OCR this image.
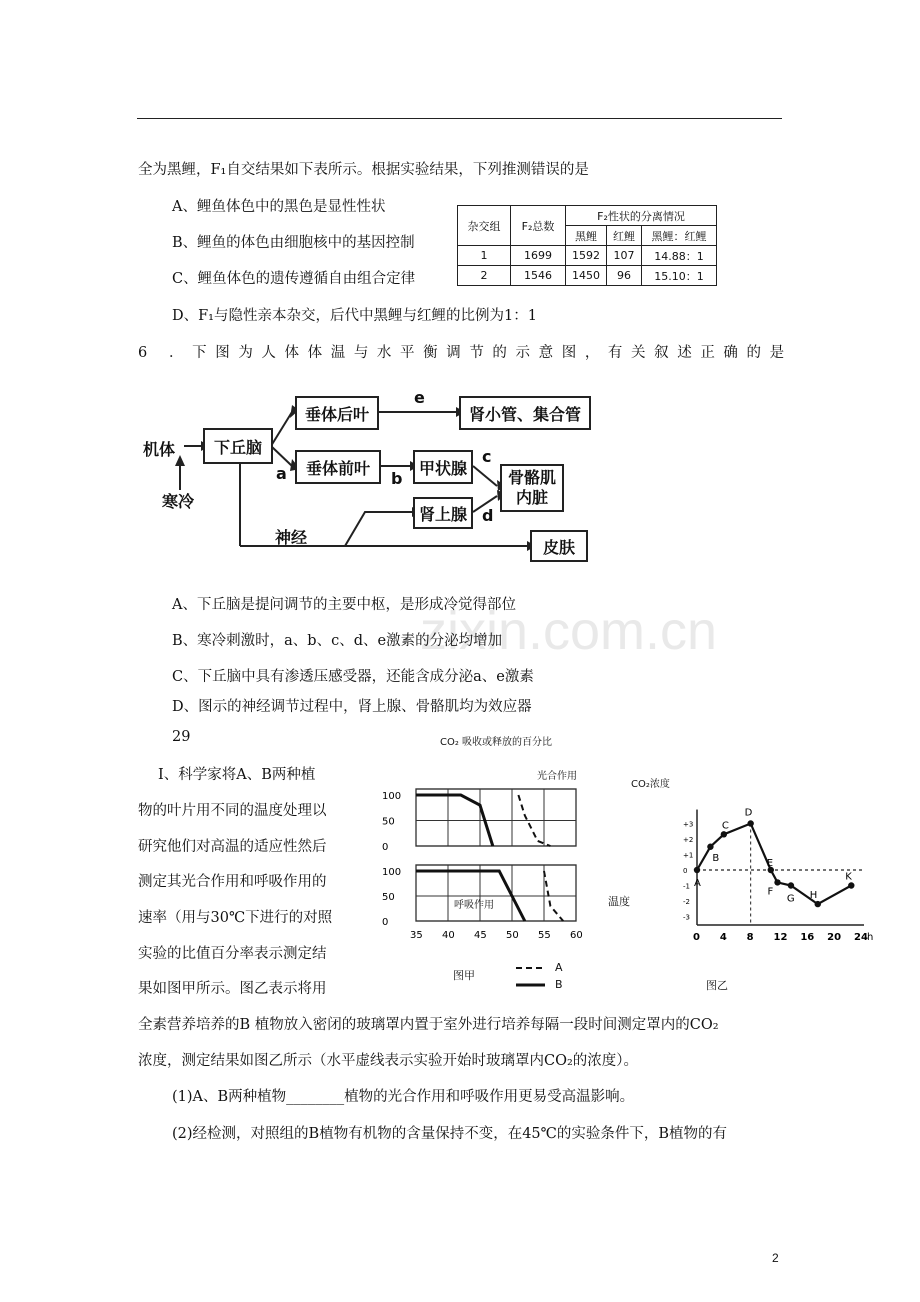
zixin.com.cn
全为黑鲤，F₁自交结果如下表所示。根据实验结果，下列推测错误的是
A、鲤鱼体色中的黑色是显性性状
B、鲤鱼的体色由细胞核中的基因控制
C、鲤鱼体色的遗传遵循自由组合定律
D、F₁与隐性亲本杂交，后代中黑鲤与红鲤的比例为1：1
杂交组	F₂总数	F₂性状的分离情况		
		黑鲤	红鲤	黑鲤：红鲤
1	1699	1592	107	14.88：1
2	1546	1450	96	15.10：1
6 ．下图为人体体温与水平衡调节的示意图，有关叙述正确的是
机体
寒冷
下丘脑
垂体后叶
垂体前叶
肾小管、集合管
甲状腺
肾上腺
骨骼肌
内脏
皮肤
神经
a	b
c
d
e
A、下丘脑是提问调节的主要中枢，是形成冷觉得部位
B、寒冷刺激时，a、b、c、d、e激素的分泌均增加
C、下丘脑中具有渗透压感受器，还能含成分泌a、e激素
D、图示的神经调节过程中，肾上腺、骨骼肌均为效应器
29
Ⅰ、科学家将A、B两种植
物的叶片用不同的温度处理以
研究他们对高温的适应性然后
测定其光合作用和呼吸作用的
速率（用与30℃下进行的对照
实验的比值百分率表示测定结
果如图甲所示。图乙表示将用
0
50
100
0
50
100
35 40 45 50 55 60
CO₂ 吸收或释放的百分比
光合作用
呼吸作用	温度
图甲
A
B
-3
-2
-1
0
+1
+2
+3
0 4 8 12 16 20 24 h
A
B
C
D
E
F
G H
K
CO₂浓度
图乙
全素营养培养的B 植物放入密闭的玻璃罩内置于室外进行培养每隔一段时间测定罩内的CO₂
浓度，测定结果如图乙所示（水平虚线表示实验开始时玻璃罩内CO₂的浓度）。
(1)A、B两种植物________植物的光合作用和呼吸作用更易受高温影响。
(2)经检测，对照组的B植物有机物的含量保持不变，在45℃的实验条件下，B植物的有
2
